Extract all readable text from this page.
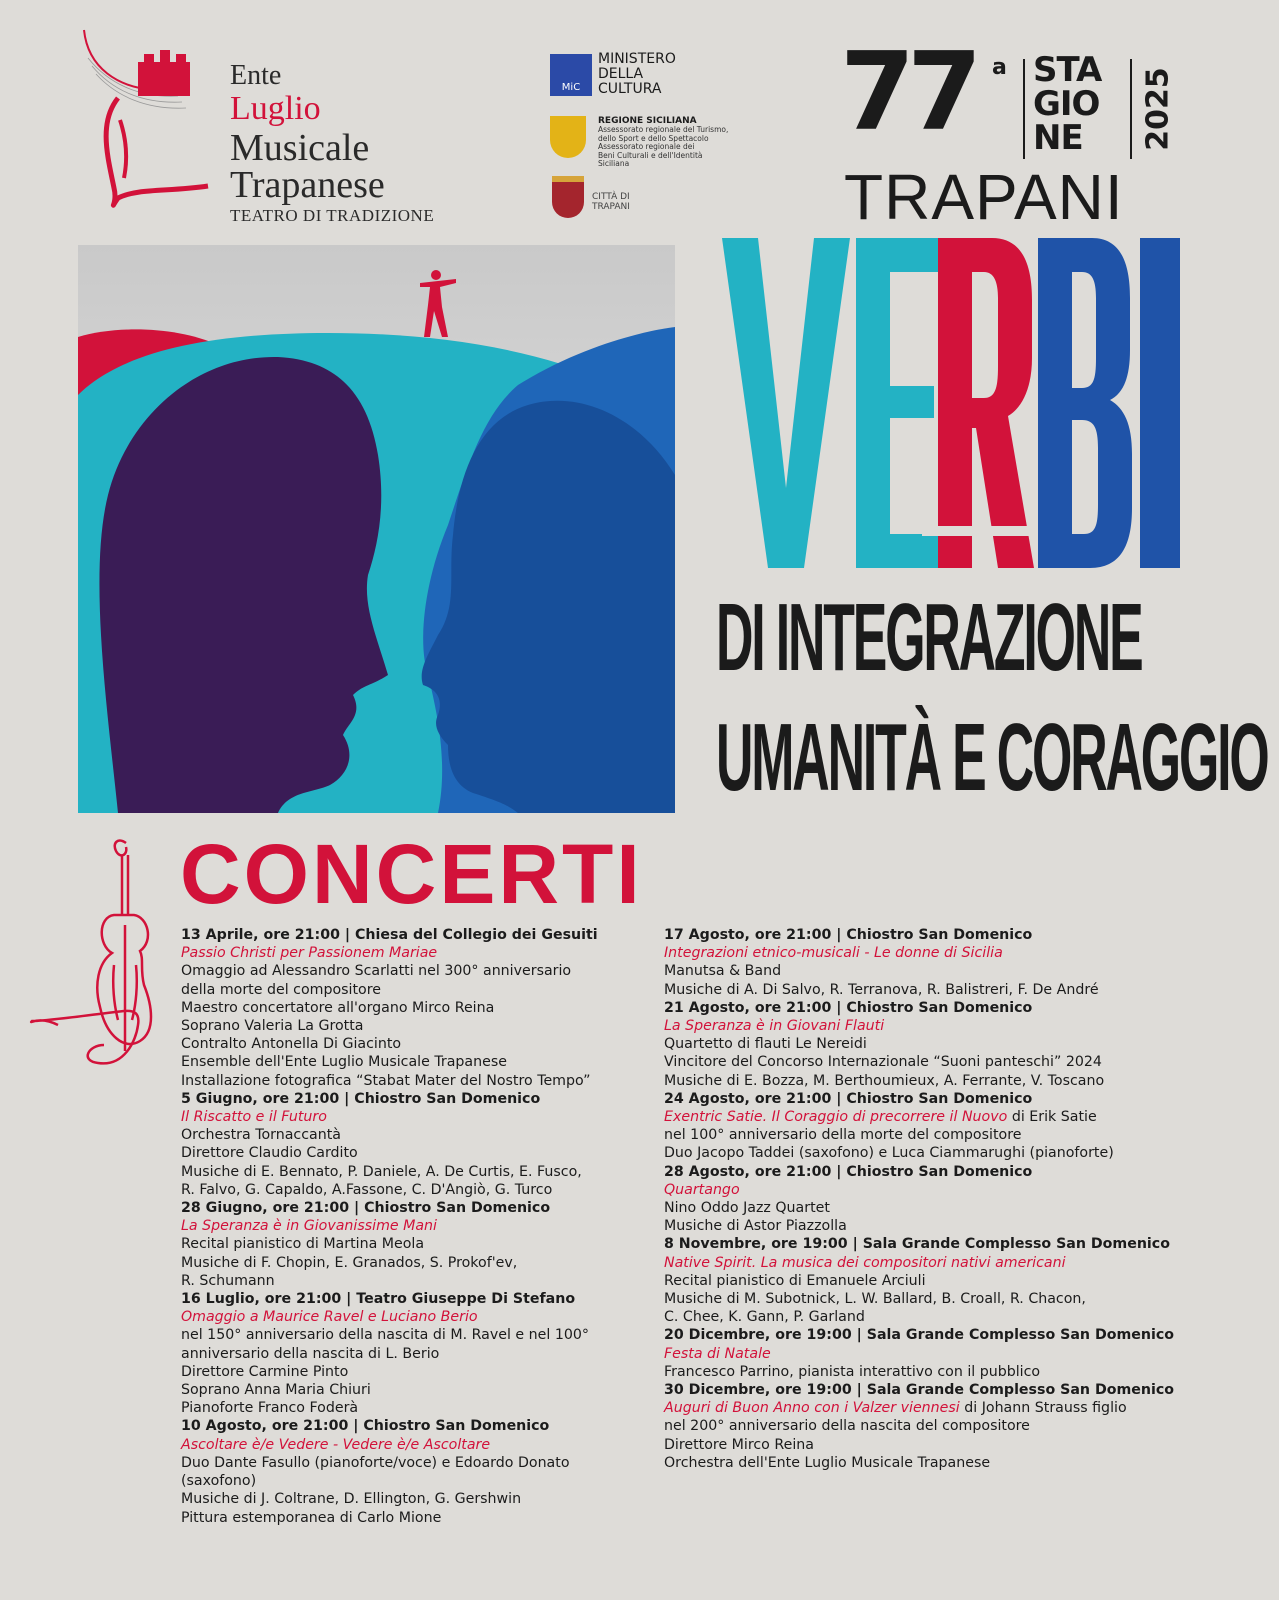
Ente
Luglio
Musicale
Trapanese
TEATRO DI TRADIZIONE
MiC
MINISTERO
DELLA
CULTURA
REGIONE SICILIANA
Assessorato regionale del Turismo,
dello Sport e dello Spettacolo
Assessorato regionale dei
Beni Culturali e dell'Identità Siciliana
CITTÀ DI
TRAPANI
77 a STA
GIO
NE	2025
TRAPANI
DI INTEGRAZIONE
UMANITÀ E CORAGGIO
CONCERTI
13 Aprile, ore 21:00 | Chiesa del Collegio dei Gesuiti
Passio Christi per Passionem Mariae
Omaggio ad Alessandro Scarlatti nel 300° anniversario
della morte del compositore
Maestro concertatore all'organo Mirco Reina
Soprano Valeria La Grotta
Contralto Antonella Di Giacinto
Ensemble dell'Ente Luglio Musicale Trapanese
Installazione fotografica “Stabat Mater del Nostro Tempo”
5 Giugno, ore 21:00 | Chiostro San Domenico
Il Riscatto e il Futuro
Orchestra Tornaccantà
Direttore Claudio Cardito
Musiche di E. Bennato, P. Daniele, A. De Curtis, E. Fusco,
R. Falvo, G. Capaldo, A.Fassone, C. D'Angiò, G. Turco
28 Giugno, ore 21:00 | Chiostro San Domenico
La Speranza è in Giovanissime Mani
Recital pianistico di Martina Meola
Musiche di F. Chopin, E. Granados, S. Prokof'ev,
R. Schumann
16 Luglio, ore 21:00 | Teatro Giuseppe Di Stefano
Omaggio a Maurice Ravel e Luciano Berio
nel 150° anniversario della nascita di M. Ravel e nel 100°
anniversario della nascita di L. Berio
Direttore Carmine Pinto
Soprano Anna Maria Chiuri
Pianoforte Franco Foderà
10 Agosto, ore 21:00 | Chiostro San Domenico
Ascoltare è/e Vedere - Vedere è/e Ascoltare
Duo Dante Fasullo (pianoforte/voce) e Edoardo Donato
(saxofono)
Musiche di J. Coltrane, D. Ellington, G. Gershwin
Pittura estemporanea di Carlo Mione
17 Agosto, ore 21:00 | Chiostro San Domenico
Integrazioni etnico-musicali - Le donne di Sicilia
Manutsa & Band
Musiche di A. Di Salvo, R. Terranova, R. Balistreri, F. De André
21 Agosto, ore 21:00 | Chiostro San Domenico
La Speranza è in Giovani Flauti
Quartetto di flauti Le Nereidi
Vincitore del Concorso Internazionale “Suoni panteschi” 2024
Musiche di E. Bozza, M. Berthoumieux, A. Ferrante, V. Toscano
24 Agosto, ore 21:00 | Chiostro San Domenico
Exentric Satie. Il Coraggio di precorrere il Nuovo di Erik Satie
nel 100° anniversario della morte del compositore
Duo Jacopo Taddei (saxofono) e Luca Ciammarughi (pianoforte)
28 Agosto, ore 21:00 | Chiostro San Domenico
Quartango
Nino Oddo Jazz Quartet
Musiche di Astor Piazzolla
8 Novembre, ore 19:00 | Sala Grande Complesso San Domenico
Native Spirit. La musica dei compositori nativi americani
Recital pianistico di Emanuele Arciuli
Musiche di M. Subotnick, L. W. Ballard, B. Croall, R. Chacon,
C. Chee, K. Gann, P. Garland
20 Dicembre, ore 19:00 | Sala Grande Complesso San Domenico
Festa di Natale
Francesco Parrino, pianista interattivo con il pubblico
30 Dicembre, ore 19:00 | Sala Grande Complesso San Domenico
Auguri di Buon Anno con i Valzer viennesi di Johann Strauss figlio
nel 200° anniversario della nascita del compositore
Direttore Mirco Reina
Orchestra dell'Ente Luglio Musicale Trapanese
